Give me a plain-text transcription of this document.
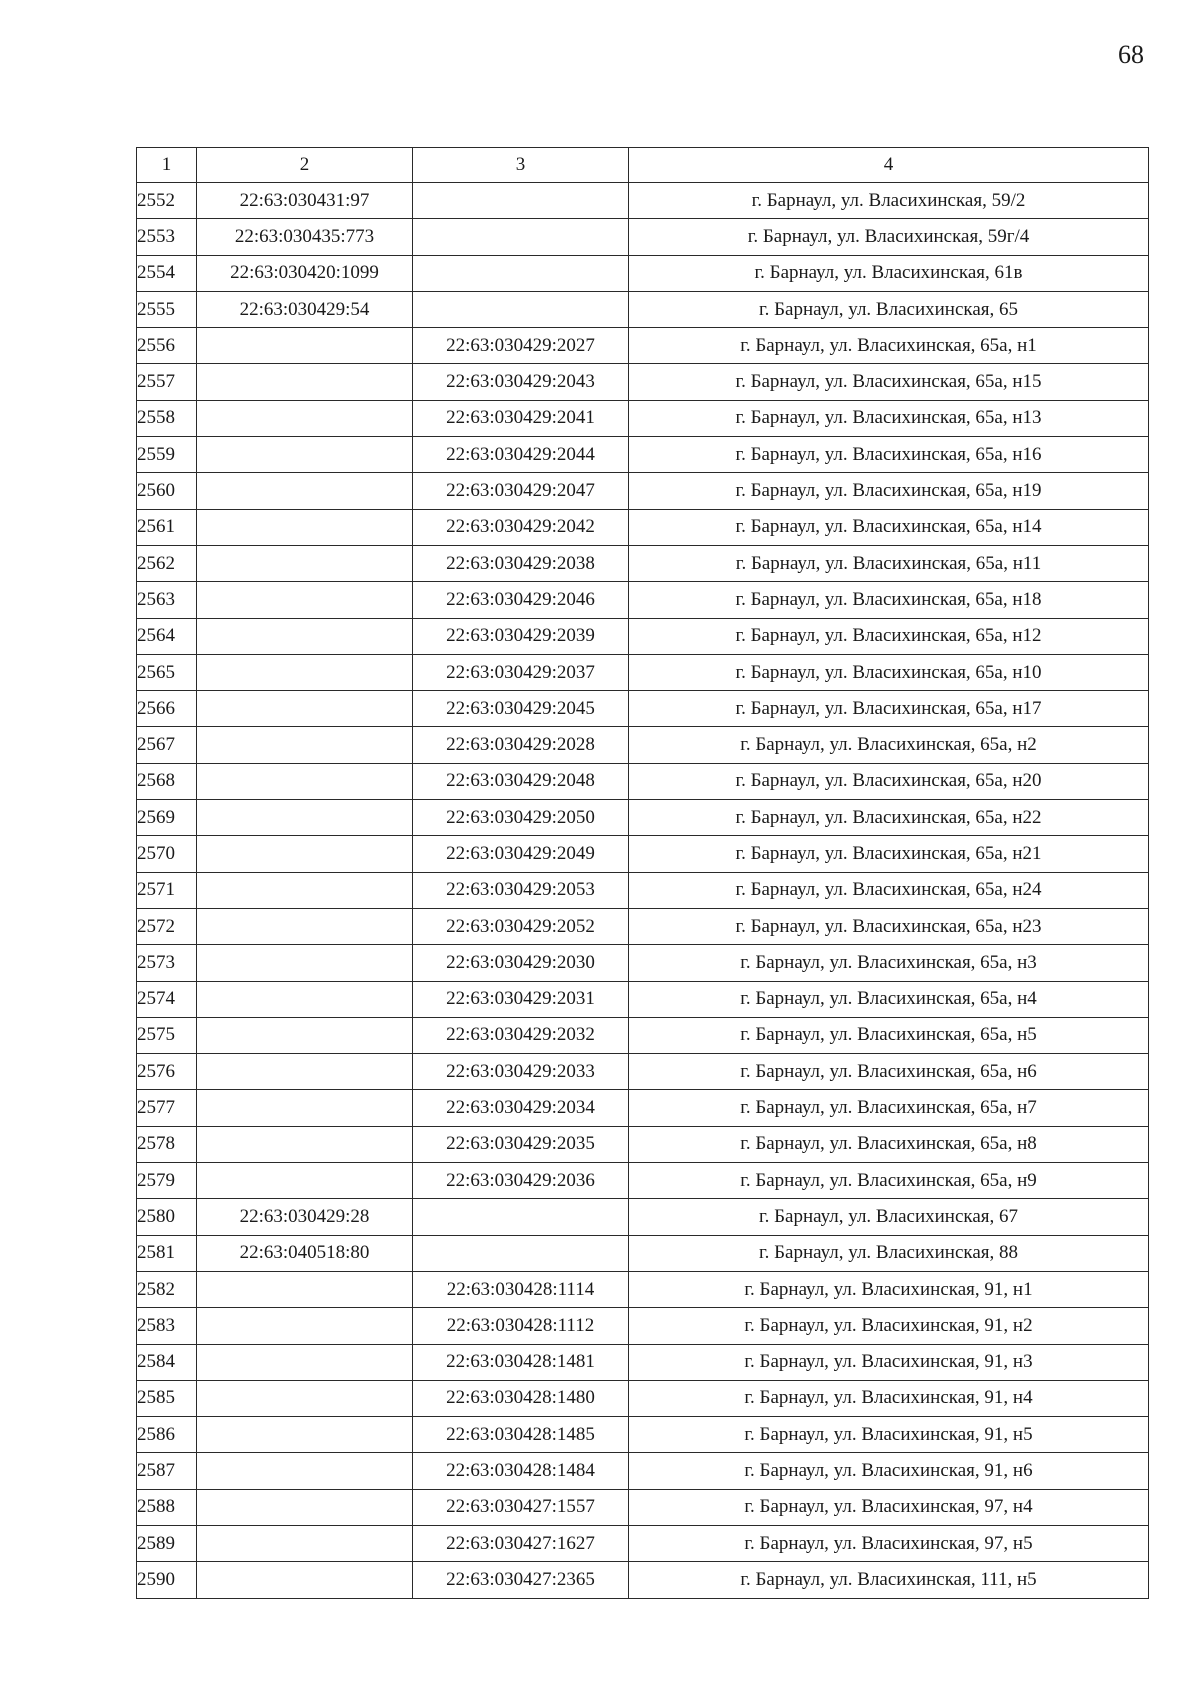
68
1	2	3	4
2552	22:63:030431:97		г. Барнаул, ул. Власихинская, 59/2
2553	22:63:030435:773		г. Барнаул, ул. Власихинская, 59г/4
2554	22:63:030420:1099		г. Барнаул, ул. Власихинская, 61в
2555	22:63:030429:54		г. Барнаул, ул. Власихинская, 65
2556		22:63:030429:2027	г. Барнаул, ул. Власихинская, 65а, н1
2557		22:63:030429:2043	г. Барнаул, ул. Власихинская, 65а, н15
2558		22:63:030429:2041	г. Барнаул, ул. Власихинская, 65а, н13
2559		22:63:030429:2044	г. Барнаул, ул. Власихинская, 65а, н16
2560		22:63:030429:2047	г. Барнаул, ул. Власихинская, 65а, н19
2561		22:63:030429:2042	г. Барнаул, ул. Власихинская, 65а, н14
2562		22:63:030429:2038	г. Барнаул, ул. Власихинская, 65а, н11
2563		22:63:030429:2046	г. Барнаул, ул. Власихинская, 65а, н18
2564		22:63:030429:2039	г. Барнаул, ул. Власихинская, 65а, н12
2565		22:63:030429:2037	г. Барнаул, ул. Власихинская, 65а, н10
2566		22:63:030429:2045	г. Барнаул, ул. Власихинская, 65а, н17
2567		22:63:030429:2028	г. Барнаул, ул. Власихинская, 65а, н2
2568		22:63:030429:2048	г. Барнаул, ул. Власихинская, 65а, н20
2569		22:63:030429:2050	г. Барнаул, ул. Власихинская, 65а, н22
2570		22:63:030429:2049	г. Барнаул, ул. Власихинская, 65а, н21
2571		22:63:030429:2053	г. Барнаул, ул. Власихинская, 65а, н24
2572		22:63:030429:2052	г. Барнаул, ул. Власихинская, 65а, н23
2573		22:63:030429:2030	г. Барнаул, ул. Власихинская, 65а, н3
2574		22:63:030429:2031	г. Барнаул, ул. Власихинская, 65а, н4
2575		22:63:030429:2032	г. Барнаул, ул. Власихинская, 65а, н5
2576		22:63:030429:2033	г. Барнаул, ул. Власихинская, 65а, н6
2577		22:63:030429:2034	г. Барнаул, ул. Власихинская, 65а, н7
2578		22:63:030429:2035	г. Барнаул, ул. Власихинская, 65а, н8
2579		22:63:030429:2036	г. Барнаул, ул. Власихинская, 65а, н9
2580	22:63:030429:28		г. Барнаул, ул. Власихинская, 67
2581	22:63:040518:80		г. Барнаул, ул. Власихинская, 88
2582		22:63:030428:1114	г. Барнаул, ул. Власихинская, 91, н1
2583		22:63:030428:1112	г. Барнаул, ул. Власихинская, 91, н2
2584		22:63:030428:1481	г. Барнаул, ул. Власихинская, 91, н3
2585		22:63:030428:1480	г. Барнаул, ул. Власихинская, 91, н4
2586		22:63:030428:1485	г. Барнаул, ул. Власихинская, 91, н5
2587		22:63:030428:1484	г. Барнаул, ул. Власихинская, 91, н6
2588		22:63:030427:1557	г. Барнаул, ул. Власихинская, 97, н4
2589		22:63:030427:1627	г. Барнаул, ул. Власихинская, 97, н5
2590		22:63:030427:2365	г. Барнаул, ул. Власихинская, 111, н5
